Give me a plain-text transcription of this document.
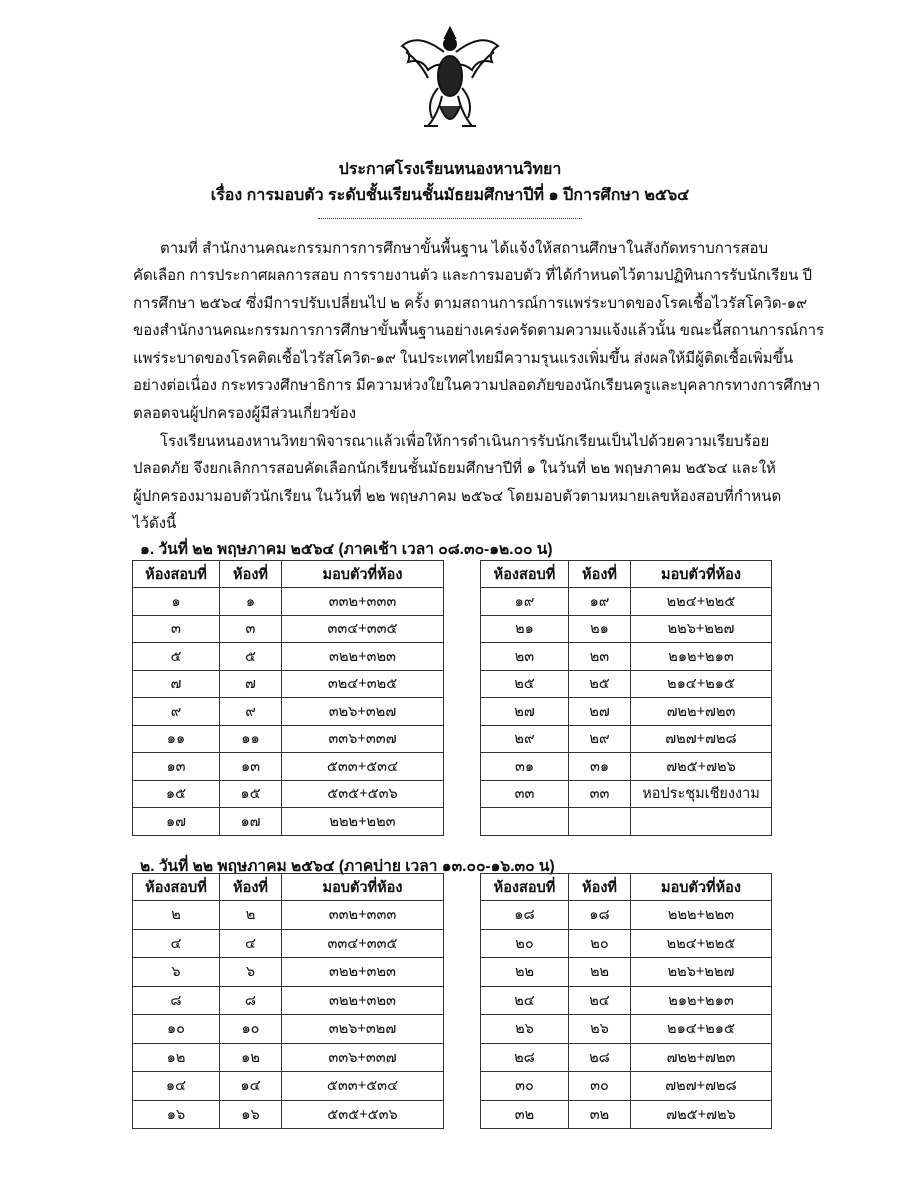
ประกาศโรงเรียนหนองหานวิทยา
เรื่อง การมอบตัว ระดับชั้นเรียนชั้นมัธยมศึกษาปีที่ ๑ ปีการศึกษา ๒๕๖๔
ตามที่ สำนักงานคณะกรรมการการศึกษาขั้นพื้นฐาน ได้แจ้งให้สถานศึกษาในสังกัดทราบการสอบ
คัดเลือก การประกาศผลการสอบ การรายงานตัว และการมอบตัว ที่ได้กำหนดไว้ตามปฏิทินการรับนักเรียน ปี
การศึกษา ๒๕๖๔ ซึ่งมีการปรับเปลี่ยนไป ๒ ครั้ง ตามสถานการณ์การแพร่ระบาดของโรคเชื้อไวรัสโควิด-๑๙
ของสำนักงานคณะกรรมการการศึกษาขั้นพื้นฐานอย่างเคร่งครัดตามความแจ้งแล้วนั้น ขณะนี้สถานการณ์การ
แพร่ระบาดของโรคติดเชื้อไวรัสโควิด-๑๙ ในประเทศไทยมีความรุนแรงเพิ่มขึ้น ส่งผลให้มีผู้ติดเชื้อเพิ่มขึ้น
อย่างต่อเนื่อง กระทรวงศึกษาธิการ มีความห่วงใยในความปลอดภัยของนักเรียนครูและบุคลากรทางการศึกษา
ตลอดจนผู้ปกครองผู้มีส่วนเกี่ยวข้อง
โรงเรียนหนองหานวิทยาพิจารณาแล้วเพื่อให้การดำเนินการรับนักเรียนเป็นไปด้วยความเรียบร้อย
ปลอดภัย จึงยกเลิกการสอบคัดเลือกนักเรียนชั้นมัธยมศึกษาปีที่ ๑ ในวันที่ ๒๒ พฤษภาคม ๒๕๖๔ และให้
ผู้ปกครองมามอบตัวนักเรียน ในวันที่ ๒๒ พฤษภาคม ๒๕๖๔ โดยมอบตัวตามหมายเลขห้องสอบที่กำหนด
ไว้ดังนี้
๑. วันที่ ๒๒ พฤษภาคม ๒๕๖๔ (ภาคเช้า เวลา ๐๘.๓๐-๑๒.๐๐ น)
๒. วันที่ ๒๒ พฤษภาคม ๒๕๖๔ (ภาคบ่าย เวลา ๑๓.๐๐-๑๖.๓๐ น)
ห้องสอบที่	ห้องที่	มอบตัวที่ห้อง
๑	๑	๓๓๒+๓๓๓
๓	๓	๓๓๔+๓๓๕
๕	๕	๓๒๒+๓๒๓
๗	๗	๓๒๔+๓๒๕
๙	๙	๓๒๖+๓๒๗
๑๑	๑๑	๓๓๖+๓๓๗
๑๓	๑๓	๕๓๓+๕๓๔
๑๕	๑๕	๕๓๕+๕๓๖
๑๗	๑๗	๒๒๒+๒๒๓
ห้องสอบที่	ห้องที่	มอบตัวที่ห้อง
๑๙	๑๙	๒๒๔+๒๒๕
๒๑	๒๑	๒๒๖+๒๒๗
๒๓	๒๓	๒๑๒+๒๑๓
๒๕	๒๕	๒๑๔+๒๑๕
๒๗	๒๗	๗๒๒+๗๒๓
๒๙	๒๙	๗๒๗+๗๒๘
๓๑	๓๑	๗๒๕+๗๒๖
๓๓	๓๓	หอประชุมเชียงงาม

ห้องสอบที่	ห้องที่	มอบตัวที่ห้อง
๒	๒	๓๓๒+๓๓๓
๔	๔	๓๓๔+๓๓๕
๖	๖	๓๒๒+๓๒๓
๘	๘	๓๒๒+๓๒๓
๑๐	๑๐	๓๒๖+๓๒๗
๑๒	๑๒	๓๓๖+๓๓๗
๑๔	๑๔	๕๓๓+๕๓๔
๑๖	๑๖	๕๓๕+๕๓๖
ห้องสอบที่	ห้องที่	มอบตัวที่ห้อง
๑๘	๑๘	๒๒๒+๒๒๓
๒๐	๒๐	๒๒๔+๒๒๕
๒๒	๒๒	๒๒๖+๒๒๗
๒๔	๒๔	๒๑๒+๒๑๓
๒๖	๒๖	๒๑๔+๒๑๕
๒๘	๒๘	๗๒๒+๗๒๓
๓๐	๓๐	๗๒๗+๗๒๘
๓๒	๓๒	๗๒๕+๗๒๖
